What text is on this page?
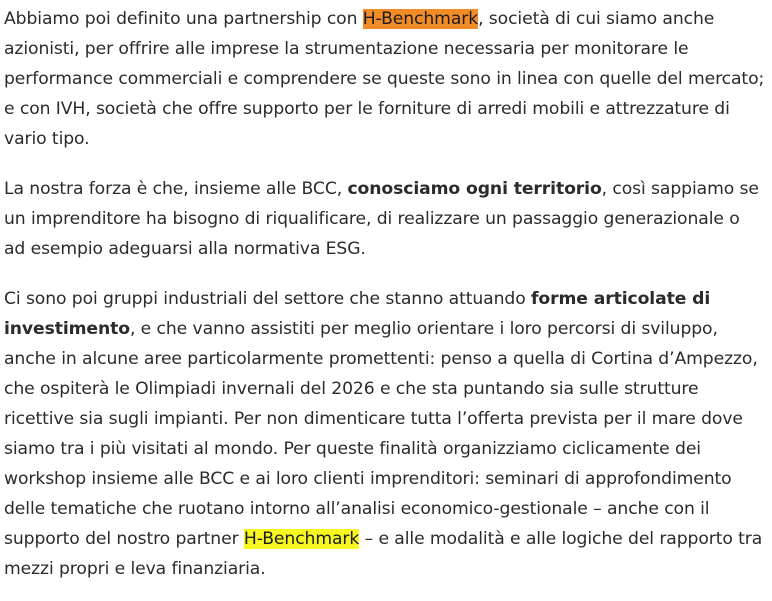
Abbiamo poi definito una partnership con H-Benchmark, società di cui siamo anche azionisti, per offrire alle imprese la strumentazione necessaria per monitorare le performance commerciali e comprendere se queste sono in linea con quelle del mercato; e con IVH, società che offre supporto per le forniture di arredi mobili e attrezzature di vario tipo.

La nostra forza è che, insieme alle BCC, conosciamo ogni territorio, così sappiamo se un imprenditore ha bisogno di riqualificare, di realizzare un passaggio generazionale o ad esempio adeguarsi alla normativa ESG.

Ci sono poi gruppi industriali del settore che stanno attuando forme articolate di investimento, e che vanno assistiti per meglio orientare i loro percorsi di sviluppo, anche in alcune aree particolarmente promettenti: penso a quella di Cortina d’Ampezzo, che ospiterà le Olimpiadi invernali del 2026 e che sta puntando sia sulle strutture ricettive sia sugli impianti. Per non dimenticare tutta l’offerta prevista per il mare dove siamo tra i più visitati al mondo. Per queste finalità organizziamo ciclicamente dei workshop insieme alle BCC e ai loro clienti imprenditori: seminari di approfondimento delle tematiche che ruotano intorno all’analisi economico-gestionale – anche con il supporto del nostro partner H-Benchmark – e alle modalità e alle logiche del rapporto tra mezzi propri e leva finanziaria.
